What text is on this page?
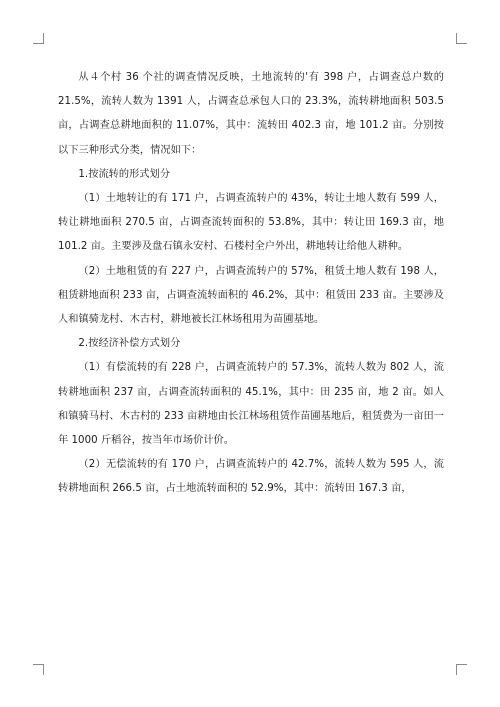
从４个村 36 个社的调查情况反映，土地流转的'有 398 户，占调查总户数的 21.5%，流转人数为 1391 人，占调查总承包人口的 23.3%，流转耕地面积 503.5 亩，占调查总耕地面积的 11.07%，其中：流转田 402.3 亩，地 101.2 亩。分别按以下三种形式分类，情况如下：

1.按流转的形式划分

（1）土地转让的有 171 户，占调查流转户的 43%，转让土地人数有 599 人，转让耕地面积 270.5 亩，占调查流转面积的 53.8%，其中：转让田 169.3 亩，地 101.2 亩。主要涉及盘石镇永安村、石楼村全户外出，耕地转让给他人耕种。

（2）土地租赁的有 227 户，占调查流转户的 57%，租赁土地人数有 198 人，租赁耕地面积 233 亩，占调查流转面积的 46.2%，其中：租赁田 233 亩。主要涉及人和镇骑龙村、木古村，耕地被长江林场租用为苗圃基地。

2.按经济补偿方式划分

（1）有偿流转的有 228 户，占调查流转户的 57.3%，流转人数为 802 人，流转耕地面积 237 亩，占调查流转面积的 45.1%，其中：田 235 亩，地 2 亩。如人和镇骑马村、木古村的 233 亩耕地由长江林场租赁作苗圃基地后，租赁费为一亩田一年 1000 斤稻谷，按当年市场价计价。

（2）无偿流转的有 170 户，占调查流转户的 42.7%，流转人数为 595 人，流转耕地面积 266.5 亩，占土地流转面积的 52.9%，其中：流转田 167.3 亩，
